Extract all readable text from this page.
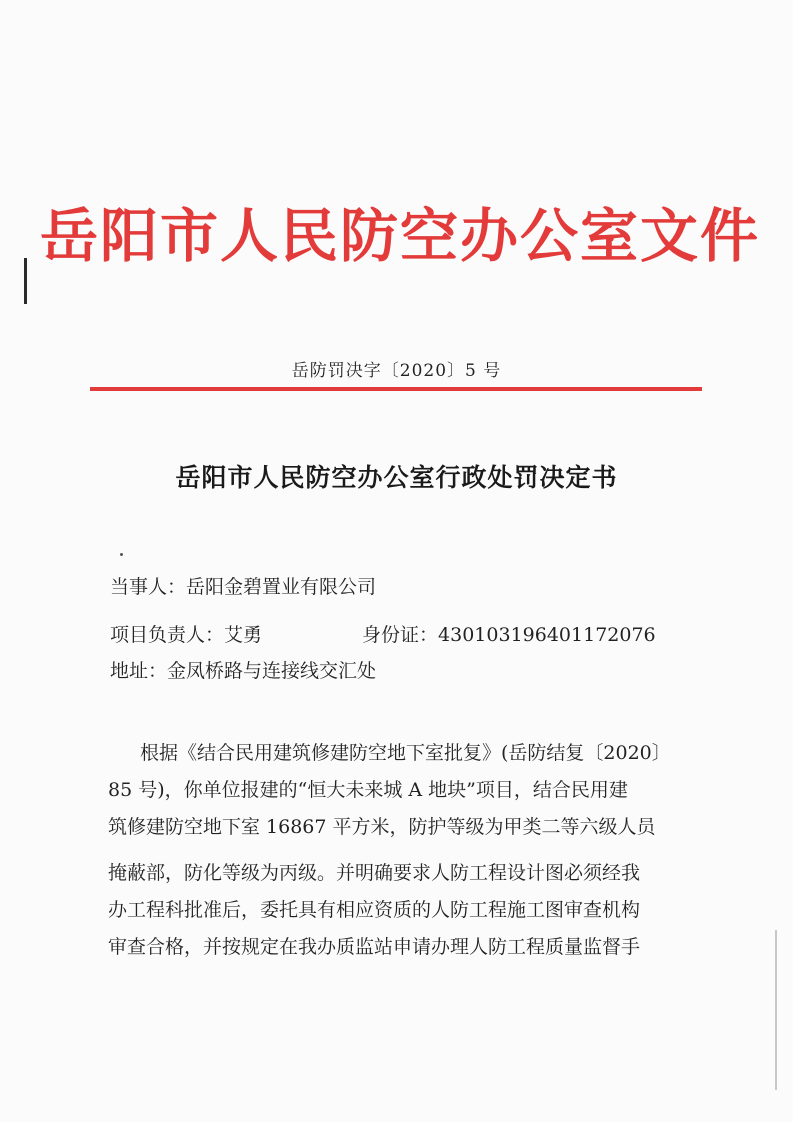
岳阳市人民防空办公室文件
岳防罚决字〔2020〕5 号
岳阳市人民防空办公室行政处罚决定书
当事人：岳阳金碧置业有限公司
项目负责人：艾勇	身份证：430103196401172076
地址：金凤桥路与连接线交汇处
根据《结合民用建筑修建防空地下室批复》(岳防结复〔2020〕
85 号)，你单位报建的“恒大未来城 A 地块”项目，结合民用建
筑修建防空地下室 16867 平方米，防护等级为甲类二等六级人员
掩蔽部，防化等级为丙级。并明确要求人防工程设计图必须经我
办工程科批准后，委托具有相应资质的人防工程施工图审查机构
审查合格，并按规定在我办质监站申请办理人防工程质量监督手
